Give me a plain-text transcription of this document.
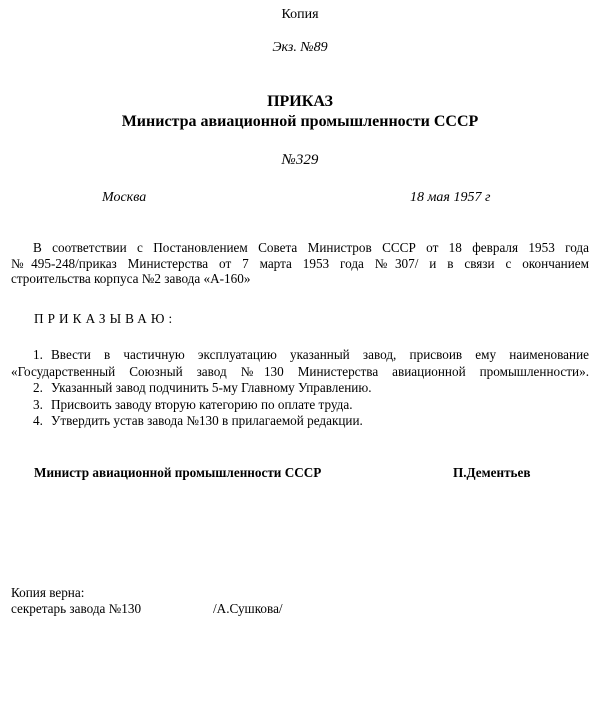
Копия
Экз. №89
ПРИКАЗ
Министра авиационной промышленности СССР
№329
Москва	18 мая 1957 г
В соответствии с Постановлением Совета Министров СССР от 18 февраля 1953 года
№495-248/приказ Министерства от 7 марта 1953 года №307/ и в связи с окончанием
строительства корпуса №2 завода «А-160»
ПРИКАЗЫВАЮ:
1. Ввести в частичную эксплуатацию указанный завод, присвоив ему наименование
«Государственный Союзный завод №130 Министерства авиационной промышленности».
2. Указанный завод подчинить 5-му Главному Управлению.
3. Присвоить заводу вторую категорию по оплате труда.
4. Утвердить устав завода №130 в прилагаемой редакции.
Министр авиационной промышленности СССР	П.Дементьев
Копия верна:
секретарь завода №130	/А.Сушкова/
